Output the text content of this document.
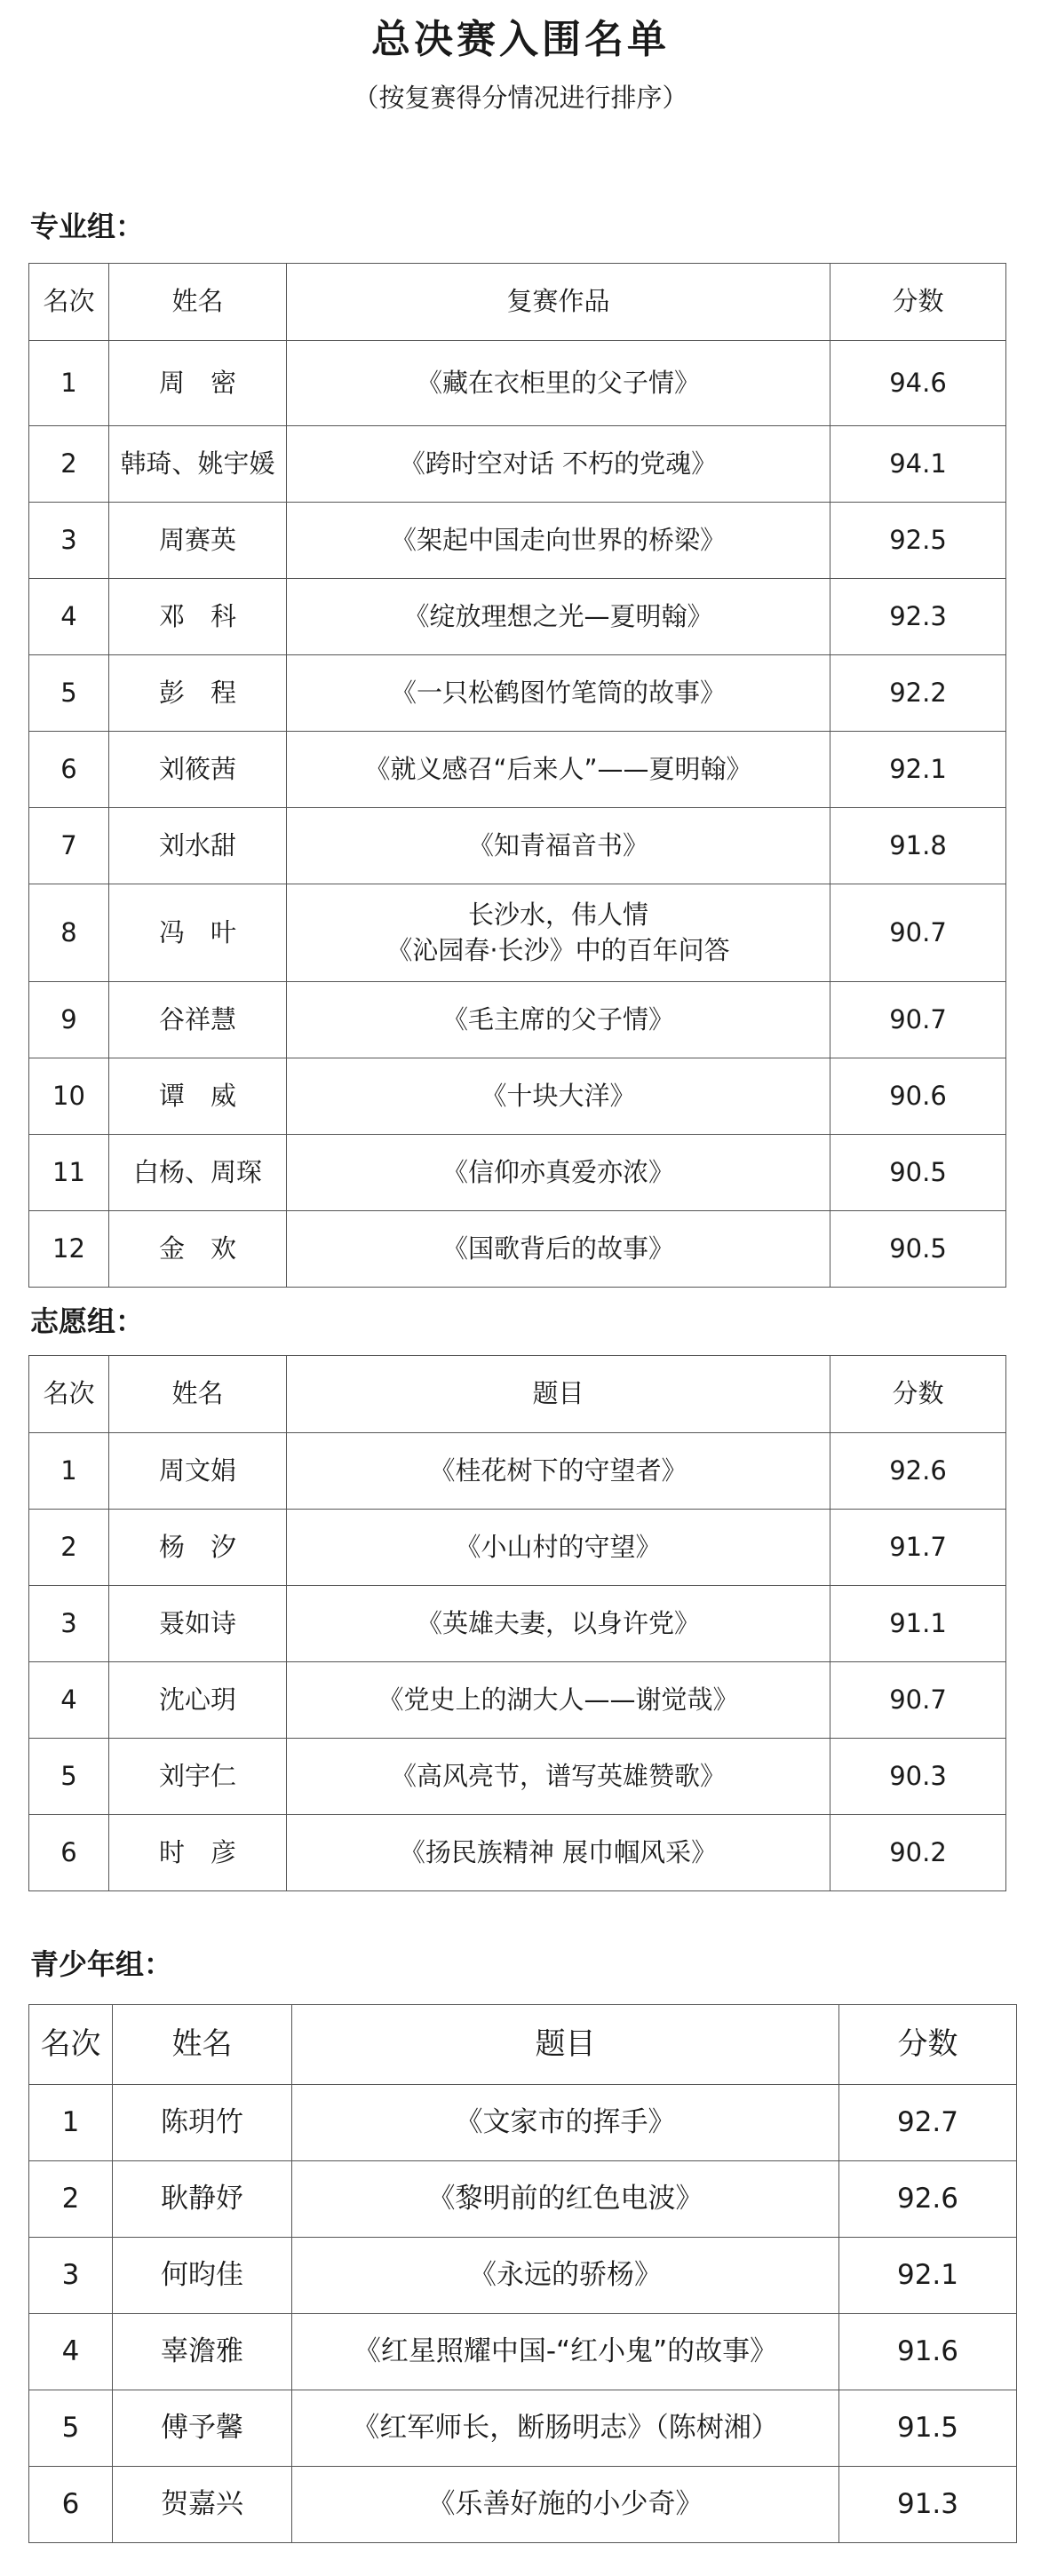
总决赛入围名单
（按复赛得分情况进行排序）
专业组：
名次	姓名	复赛作品	分数
1	周　密	《藏在衣柜里的父子情》	94.6
2	韩琦、姚宇媛	《跨时空对话 不朽的党魂》	94.1
3	周赛英	《架起中国走向世界的桥梁》	92.5
4	邓　科	《绽放理想之光—夏明翰》	92.3
5	彭　程	《一只松鹤图竹笔筒的故事》	92.2
6	刘筱茜	《就义感召“后来人”——夏明翰》	92.1
7	刘水甜	《知青福音书》	91.8
8	冯　叶	长沙水，伟人情
《沁园春·长沙》中的百年问答	90.7
9	谷祥慧	《毛主席的父子情》	90.7
10	谭　威	《十块大洋》	90.6
11	白杨、周琛	《信仰亦真爱亦浓》	90.5
12	金　欢	《国歌背后的故事》	90.5
志愿组：
名次	姓名	题目	分数
1	周文娟	《桂花树下的守望者》	92.6
2	杨　汐	《小山村的守望》	91.7
3	聂如诗	《英雄夫妻，以身许党》	91.1
4	沈心玥	《党史上的湖大人——谢觉哉》	90.7
5	刘宇仁	《高风亮节，谱写英雄赞歌》	90.3
6	时　彦	《扬民族精神 展巾帼风采》	90.2
青少年组：
名次	姓名	题目	分数
1	陈玥竹	《文家市的挥手》	92.7
2	耿静妤	《黎明前的红色电波》	92.6
3	何昀佳	《永远的骄杨》	92.1
4	辜澹雅	《红星照耀中国-“红小鬼”的故事》	91.6
5	傅予馨	《红军师长，断肠明志》（陈树湘）	91.5
6	贺嘉兴	《乐善好施的小少奇》	91.3
